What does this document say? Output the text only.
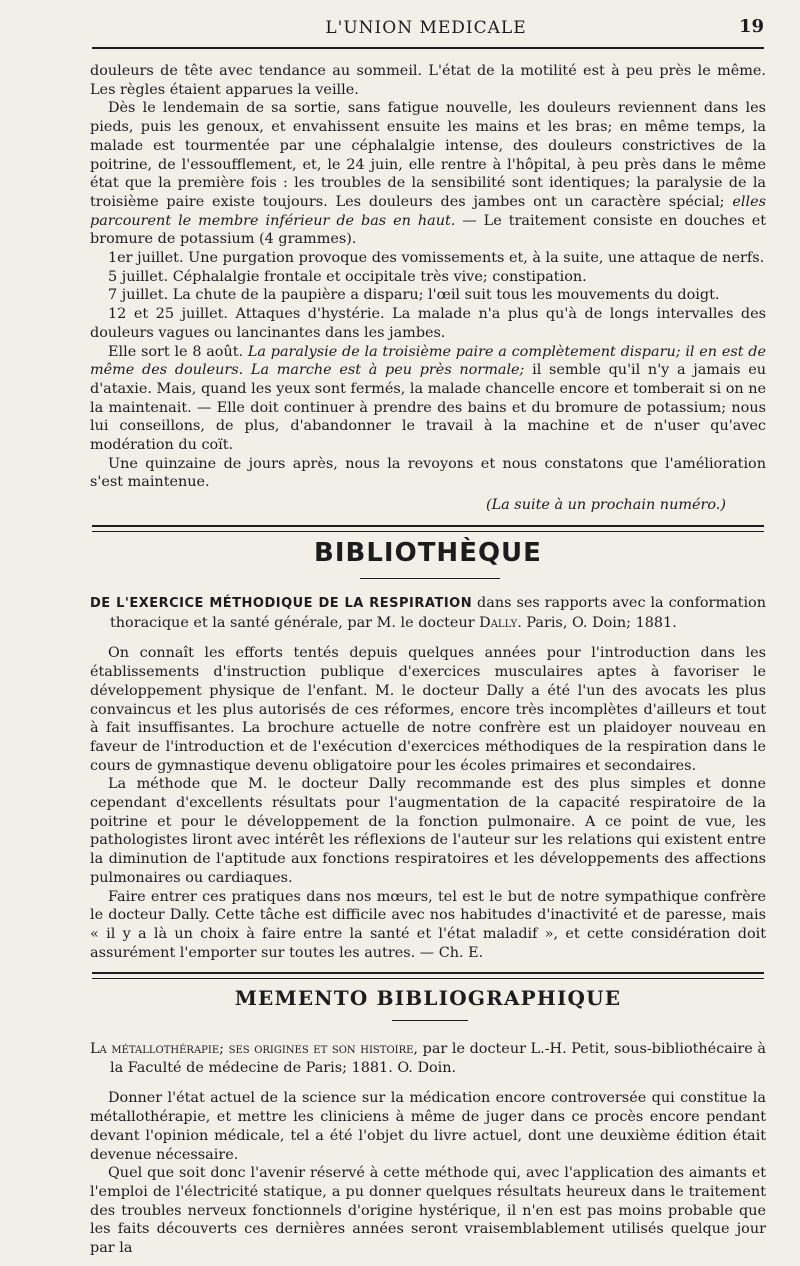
L'UNION MEDICALE	19

douleurs de tête avec tendance au sommeil. L'état de la motilité est à peu près le même. Les règles étaient apparues la veille.

Dès le lendemain de sa sortie, sans fatigue nouvelle, les douleurs reviennent dans les pieds, puis les genoux, et envahissent ensuite les mains et les bras; en même temps, la malade est tourmentée par une céphalalgie intense, des douleurs constrictives de la poitrine, de l'essoufflement, et, le 24 juin, elle rentre à l'hôpital, à peu près dans le même état que la première fois : les troubles de la sensibilité sont identiques; la paralysie de la troisième paire existe toujours. Les douleurs des jambes ont un caractère spécial; elles parcourent le membre inférieur de bas en haut. — Le traitement consiste en douches et bromure de potassium (4 grammes).

1er juillet. Une purgation provoque des vomissements et, à la suite, une attaque de nerfs.

5 juillet. Céphalalgie frontale et occipitale très vive; constipation.

7 juillet. La chute de la paupière a disparu; l'œil suit tous les mouvements du doigt.

12 et 25 juillet. Attaques d'hystérie. La malade n'a plus qu'à de longs intervalles des douleurs vagues ou lancinantes dans les jambes.

Elle sort le 8 août. La paralysie de la troisième paire a complètement disparu; il en est de même des douleurs. La marche est à peu près normale; il semble qu'il n'y a jamais eu d'ataxie. Mais, quand les yeux sont fermés, la malade chancelle encore et tomberait si on ne la maintenait. — Elle doit continuer à prendre des bains et du bromure de potassium; nous lui conseillons, de plus, d'abandonner le travail à la machine et de n'user qu'avec modération du coït.

Une quinzaine de jours après, nous la revoyons et nous constatons que l'amélioration s'est maintenue.

(La suite à un prochain numéro.)

BIBLIOTHÈQUE

DE L'EXERCICE MÉTHODIQUE DE LA RESPIRATION dans ses rapports avec la conformation thoracique et la santé générale, par M. le docteur Dally. Paris, O. Doin; 1881.

On connaît les efforts tentés depuis quelques années pour l'introduction dans les établissements d'instruction publique d'exercices musculaires aptes à favoriser le développement physique de l'enfant. M. le docteur Dally a été l'un des avocats les plus convaincus et les plus autorisés de ces réformes, encore très incomplètes d'ailleurs et tout à fait insuffisantes. La brochure actuelle de notre confrère est un plaidoyer nouveau en faveur de l'introduction et de l'exécution d'exercices méthodiques de la respiration dans le cours de gymnastique devenu obligatoire pour les écoles primaires et secondaires.

La méthode que M. le docteur Dally recommande est des plus simples et donne cependant d'excellents résultats pour l'augmentation de la capacité respiratoire de la poitrine et pour le développement de la fonction pulmonaire. A ce point de vue, les pathologistes liront avec intérêt les réflexions de l'auteur sur les relations qui existent entre la diminution de l'aptitude aux fonctions respiratoires et les développements des affections pulmonaires ou cardiaques.

Faire entrer ces pratiques dans nos mœurs, tel est le but de notre sympathique confrère le docteur Dally. Cette tâche est difficile avec nos habitudes d'inactivité et de paresse, mais « il y a là un choix à faire entre la santé et l'état maladif », et cette considération doit assurément l'emporter sur toutes les autres. — Ch. E.

MEMENTO BIBLIOGRAPHIQUE

La métallothérapie; ses origines et son histoire, par le docteur L.-H. Petit, sous-bibliothécaire à la Faculté de médecine de Paris; 1881. O. Doin.

Donner l'état actuel de la science sur la médication encore controversée qui constitue la métallothérapie, et mettre les cliniciens à même de juger dans ce procès encore pendant devant l'opinion médicale, tel a été l'objet du livre actuel, dont une deuxième édition était devenue nécessaire.

Quel que soit donc l'avenir réservé à cette méthode qui, avec l'application des aimants et l'emploi de l'électricité statique, a pu donner quelques résultats heureux dans le traitement des troubles nerveux fonctionnels d'origine hystérique, il n'en est pas moins probable que les faits découverts ces dernières années seront vraisemblablement utilisés quelque jour par la
